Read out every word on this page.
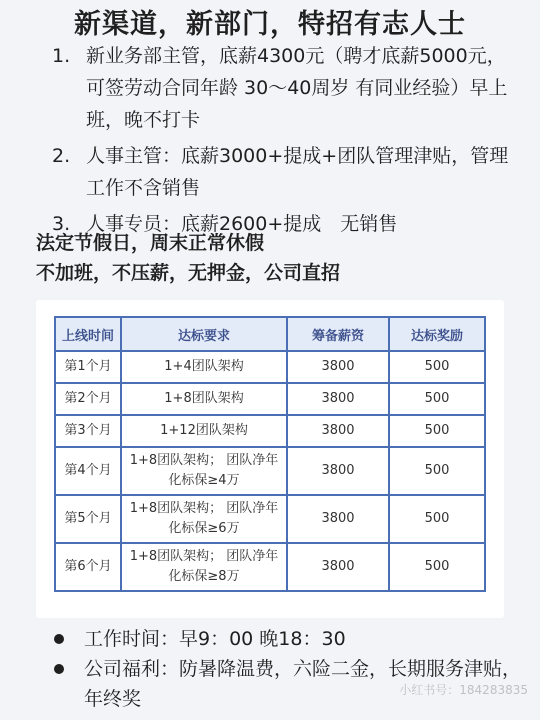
新渠道，新部门，特招有志人士
1. 新业务部主管，底薪4300元（聘才底薪5000元，可签劳动合同年龄 30～40周岁 有同业经验）早上班，晚不打卡
2. 人事主管：底薪3000+提成+团队管理津贴，管理工作不含销售
3. 人事专员：底薪2600+提成　无销售
法定节假日，周末正常休假
不加班，不压薪，无押金，公司直招
上线时间	达标要求	筹备薪资	达标奖励
第1个月	1+4团队架构	3800	500
第2个月	1+8团队架构	3800	500
第3个月	1+12团队架构	3800	500
第4个月	1+8团队架构； 团队净年化标保≥4万	3800	500
第5个月	1+8团队架构； 团队净年化标保≥6万	3800	500
第6个月	1+8团队架构； 团队净年化标保≥8万	3800	500
工作时间：早9：00 晚18：30
公司福利：防暑降温费，六险二金，长期服务津贴，年终奖	小红书号：184283835
